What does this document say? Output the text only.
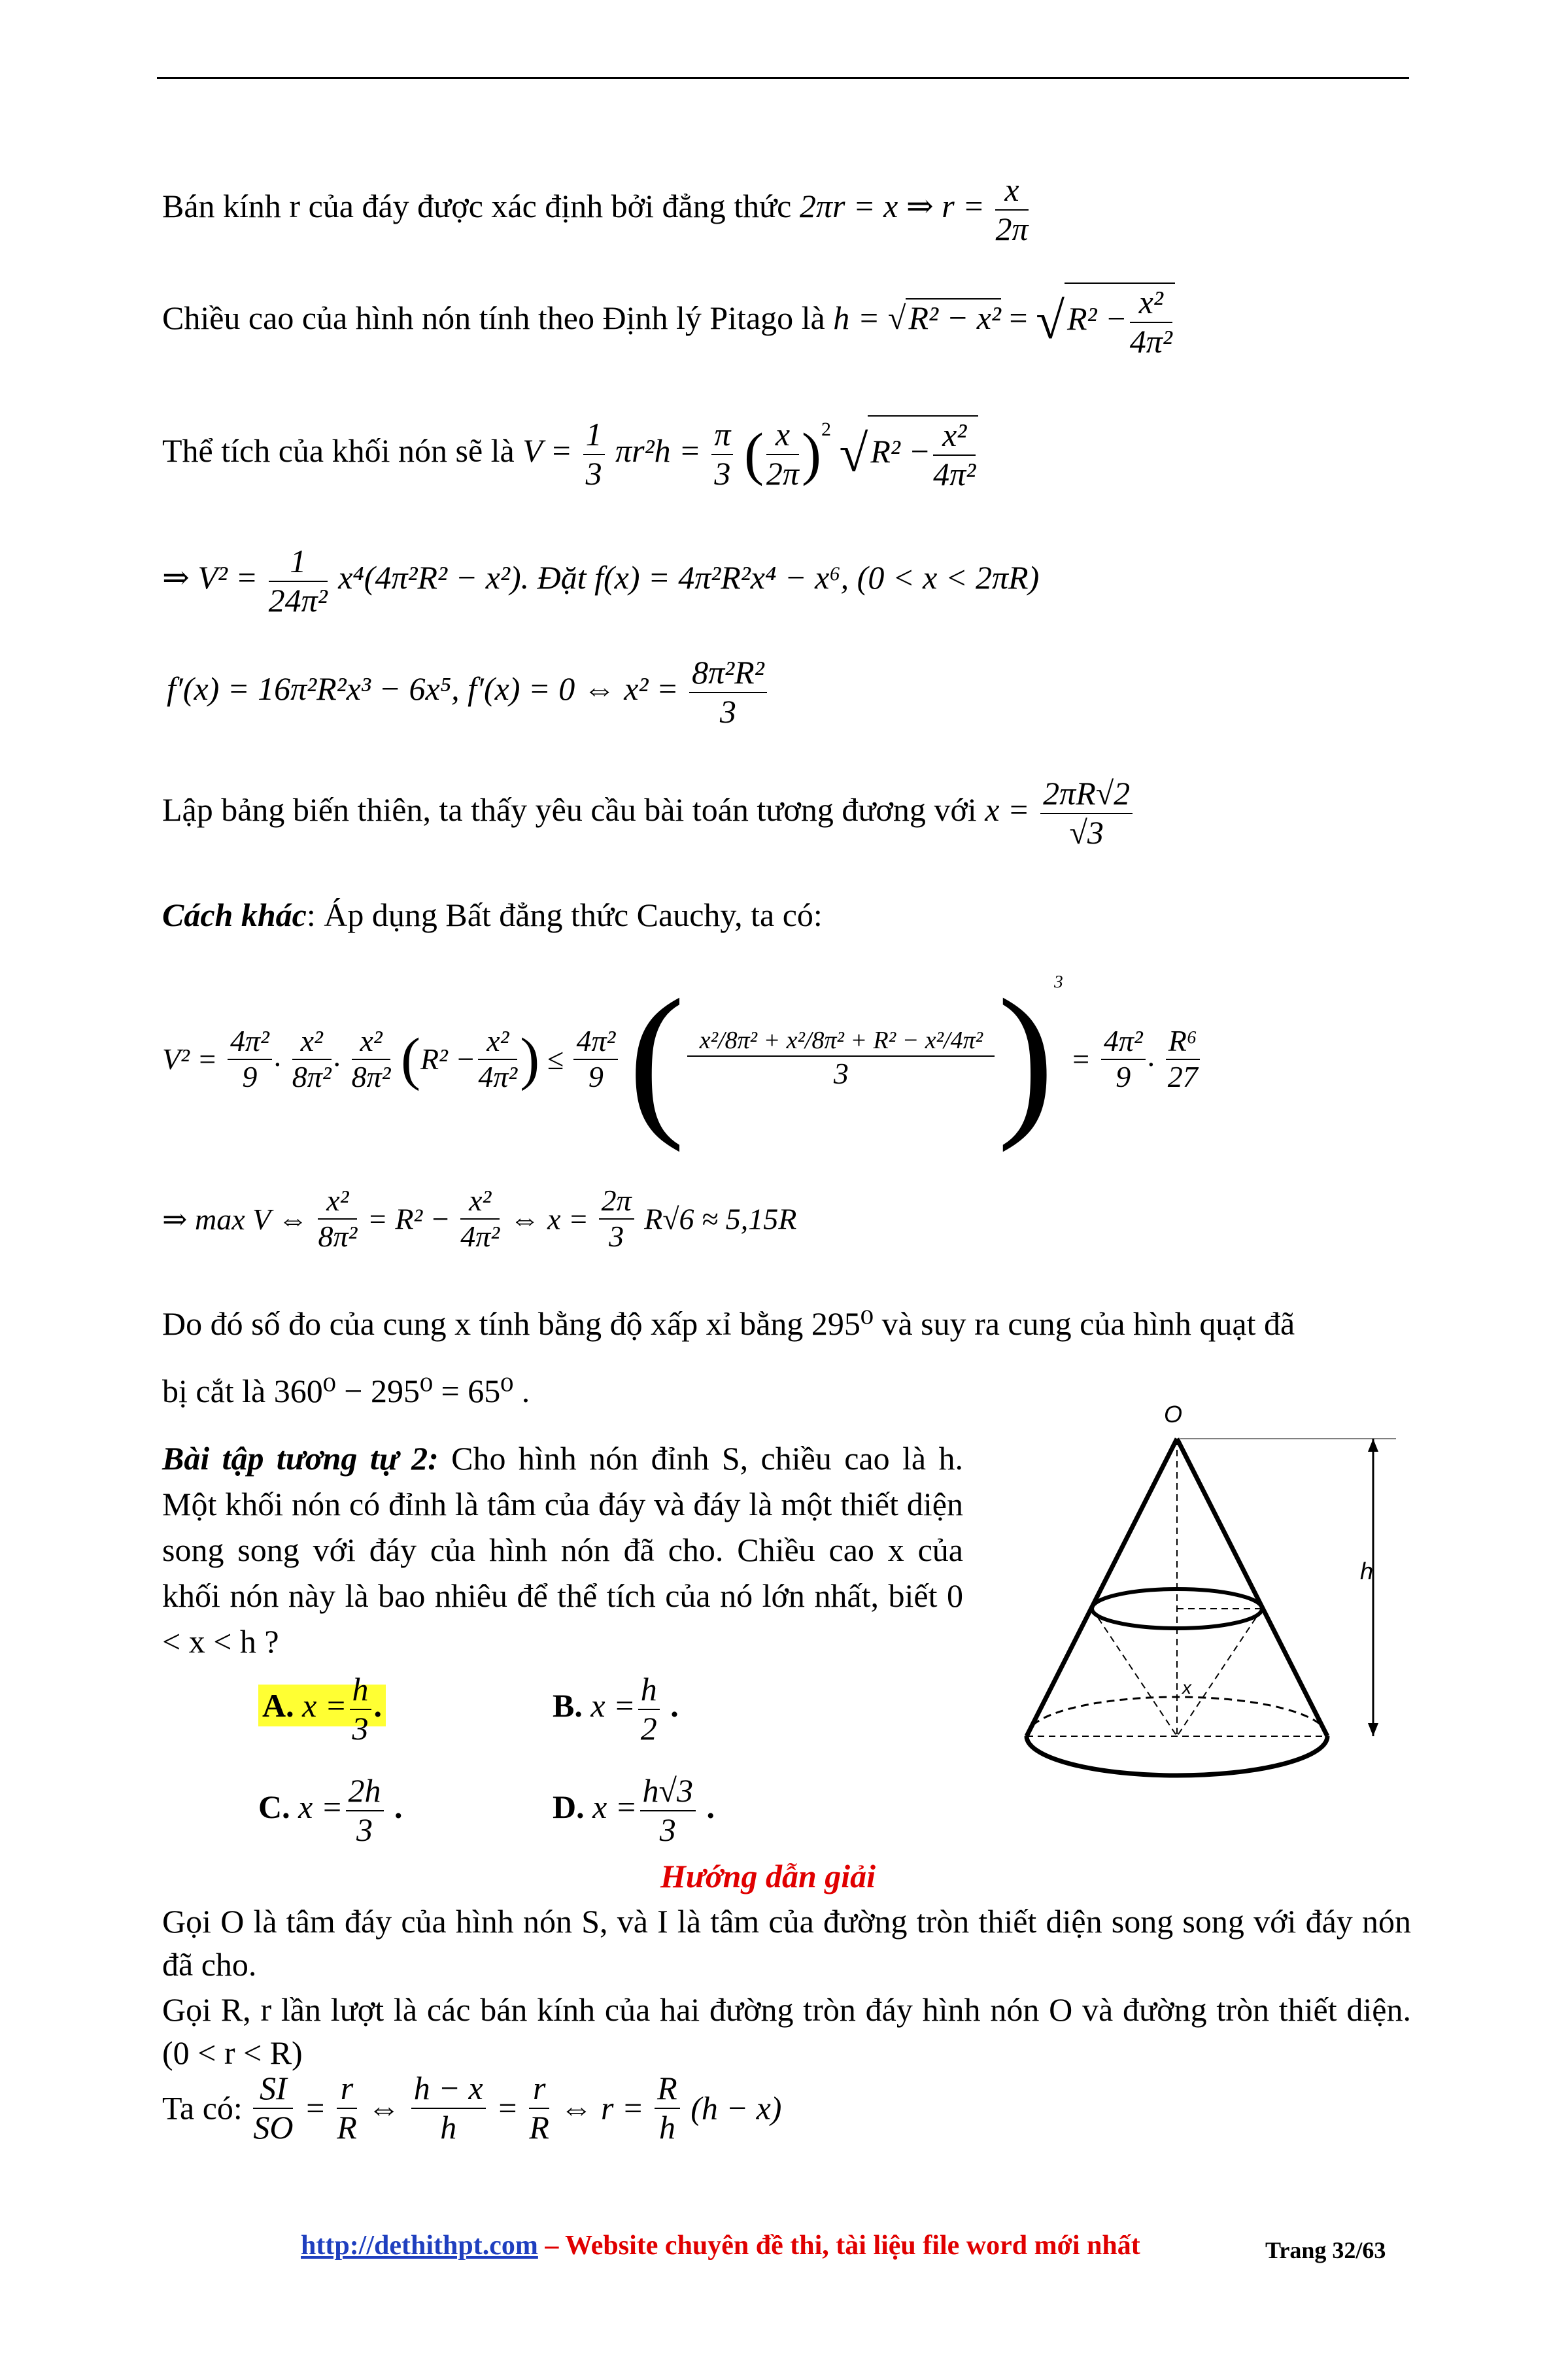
Bán kính r của đáy được xác định bởi đẳng thức 2πr = x ⇒ $r = \frac{x}{2\pi}$
Chiều cao của hình nón tính theo Định lý Pitago là $h = √R^2 - x^2 = √R^2 - \frac{\text{x²}}{\text{4π²}}$
Thể tích của khối nón sẽ là $V = \frac{1}{3} \pi r^2h = \frac{\pi}{3}$ ( $\frac{x}{2\pi} )^2$ $√R^2 - \frac{\text{x²}}{\text{4π²}}$
⇒ $V^2 = \frac{1}{\text{24π²}} x^4(4\pi^2R^2 - x^2)$. Đặt f(x) = 4π²R²x⁴ − x⁶, (0 < x < 2πR)
f′(x) = 16π²R²x³ − 6x⁵, f′(x) = 0 ⇔ $x^2 = \frac{\text{8π²R²}}{3}$
Lập bảng biến thiên, ta thấy yêu cầu bài toán tương đương với $x = \frac{2\pi R√2}{√3}$
Cách khác: Áp dụng Bất đẳng thức Cauchy, ta có:
$V^2 = \frac{\text{4π²}}{9}$ . $\frac{\text{x²}}{\text{8π²}}$ . $\frac{\text{x²}}{\text{8π²}} (R^2 - \frac{\text{x²}}{\text{4π²}}$ ) ≤ $\frac{\text{4π²}}{9}$ ( $\frac{\text{x²/8π² + x²/8π² + R² − x²/4π²}}{3} )^3 = \frac{\text{4π²}}{9}$ . $\frac{\text{R⁶}}{27}$
⇒ max V ⇔ $\frac{\text{x²}}{\text{8π²}} = R^2 - \frac{\text{x²}}{\text{4π²}}$ ⇔ $x = \frac{2\pi}{3} R√6 \approx 5,15R$
Do đó số đo của cung x tính bằng độ xấp xỉ bằng 295⁰ và suy ra cung của hình quạt đã
bị cắt là 360⁰ − 295⁰ = 65⁰ .
Bài tập tương tự 2: Cho hình nón đỉnh S, chiều cao là h. Một khối nón có đỉnh là tâm của đáy và đáy là một thiết diện song song với đáy của hình nón đã cho. Chiều cao x của khối nón này là bao nhiêu để thể tích của nó lớn nhất, biết 0 < x < h ?
A. $x = \frac{h}{3}$ .	B. $x = \frac{h}{2}$ .
C. $x = \frac{2h}{3}$ .	D. $x = \frac{h√3}{3}$ .
O
x
h
Hướng dẫn giải
Gọi O là tâm đáy của hình nón S, và I là tâm của đường tròn thiết diện song song với đáy nón đã cho.
Gọi R, r lần lượt là các bán kính của hai đường tròn đáy hình nón O và đường tròn thiết diện. (0 < r < R)
Ta có: $\frac{SI}{SO} = \frac{r}{R}$ ⇔ $\frac{h - x}{h} = \frac{r}{R}$ ⇔ $r = \frac{R}{h} (h - x)$
http://dethithpt.com – Website chuyên đề thi, tài liệu file word mới nhất	Trang 32/63
